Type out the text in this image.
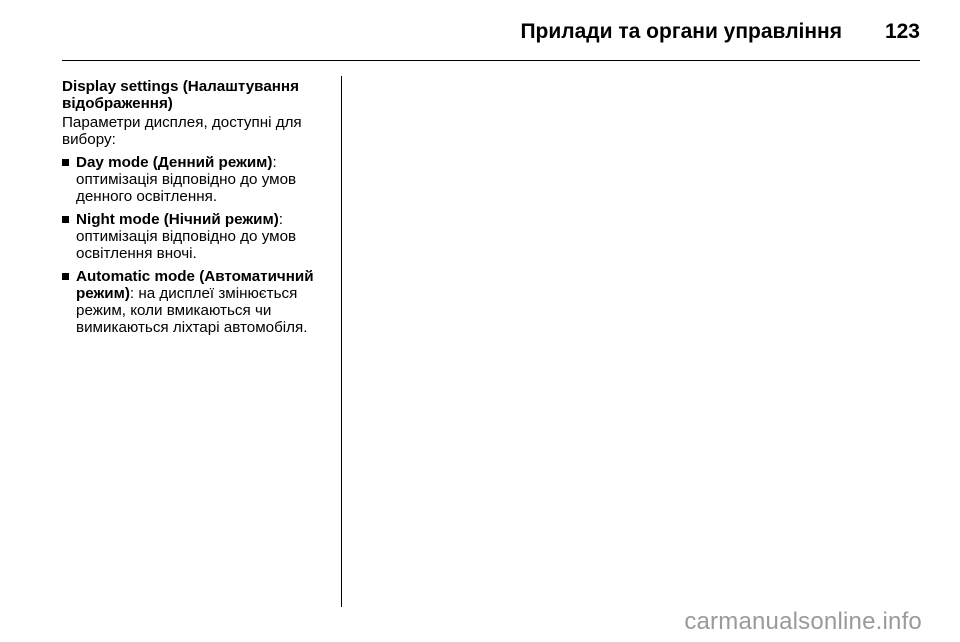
Прилади та органи управління 123

Display settings (Налаштування відображення)

Параметри дисплея, доступні для вибору:

Day mode (Денний режим): оптимізація відповідно до умов денного освітлення.
Night mode (Нічний режим): оптимізація відповідно до умов освітлення вночі.
Automatic mode (Автоматичний режим): на дисплеї змінюється режим, коли вмикаються чи вимикаються ліхтарі автомобіля.
carmanualsonline.info
